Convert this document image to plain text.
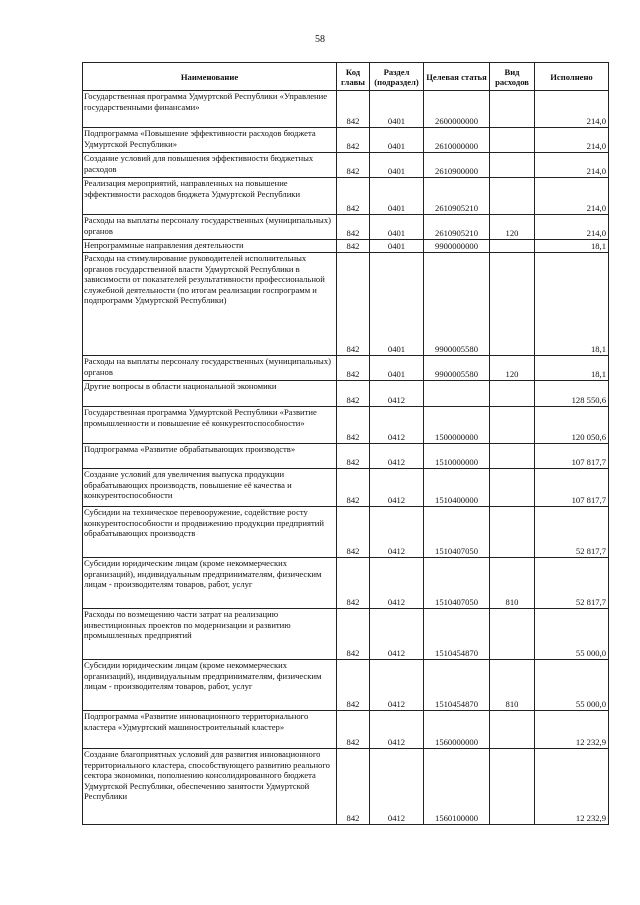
58
Наименование	Код главы	Раздел (подраздел)	Целевая статья	Вид расходов	Исполнено
Государственная программа Удмуртской Республики «Управление государственными финансами»	842	0401	2600000000		214,0
Подпрограмма «Повышение эффективности расходов бюджета Удмуртской Республики»	842	0401	2610000000		214,0
Создание условий для повышения эффективности бюджетных расходов	842	0401	2610900000		214,0
Реализация мероприятий, направленных на повышение эффективности расходов бюджета Удмуртской Республики	842	0401	2610905210		214,0
Расходы на выплаты персоналу государственных (муниципальных) органов	842	0401	2610905210	120	214,0
Непрограммные направления деятельности	842	0401	9900000000		18,1
Расходы на стимулирование руководителей исполнительных органов государственной власти Удмуртской Республики в зависимости от показателей результативности профессиональной служебной деятельности (по итогам реализации госпрограмм и подпрограмм Удмуртской Республики)	842	0401	9900005580		18,1
Расходы на выплаты персоналу государственных (муниципальных) органов	842	0401	9900005580	120	18,1
Другие вопросы в области национальной экономики	842	0412			128 550,6
Государственная программа Удмуртской Республики «Развитие промышленности и повышение её конкурентоспособности»	842	0412	1500000000		120 050,6
Подпрограмма «Развитие обрабатывающих производств»	842	0412	1510000000		107 817,7
Создание условий для увеличения выпуска продукции обрабатывающих производств, повышение её качества и конкурентоспособности	842	0412	1510400000		107 817,7
Субсидии на техническое перевооружение, содействие росту конкурентоспособности и продвижению продукции предприятий обрабатывающих производств	842	0412	1510407050		52 817,7
Субсидии юридическим лицам (кроме некоммерческих организаций), индивидуальным предпринимателям, физическим лицам - производителям товаров, работ, услуг	842	0412	1510407050	810	52 817,7
Расходы по возмещению части затрат на реализацию инвестиционных проектов по модернизации и развитию промышленных предприятий	842	0412	1510454870		55 000,0
Субсидии юридическим лицам (кроме некоммерческих организаций), индивидуальным предпринимателям, физическим лицам - производителям товаров, работ, услуг	842	0412	1510454870	810	55 000,0
Подпрограмма «Развитие инновационного территориального кластера «Удмуртский машиностроительный кластер»	842	0412	1560000000		12 232,9
Создание благоприятных условий для развития инновационного территориального кластера, способствующего развитию реального сектора экономики, пополнению консолидированного бюджета Удмуртской Республики, обеспечению занятости Удмуртской Республики	842	0412	1560100000		12 232,9
